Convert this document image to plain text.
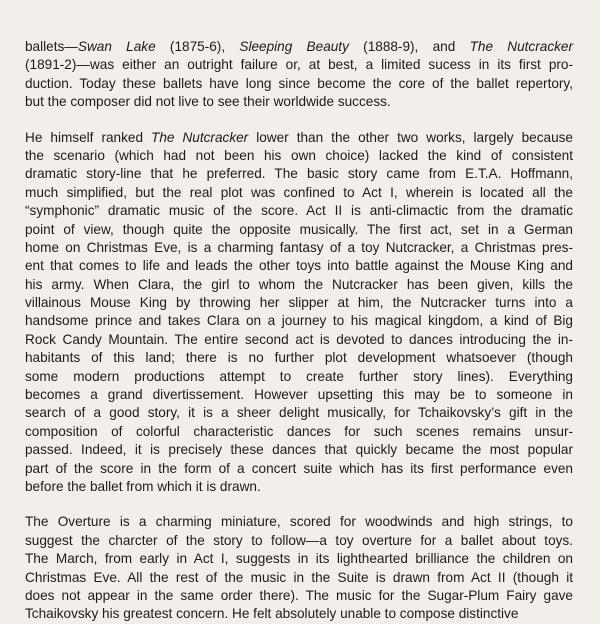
ballets—Swan Lake (1875-6), Sleeping Beauty (1888-9), and The Nutcracker
(1891-2)—was either an outright failure or, at best, a limited sucess in its first pro-
duction. Today these ballets have long since become the core of the ballet repertory,
but the composer did not live to see their worldwide success.
He himself ranked The Nutcracker lower than the other two works, largely because
the scenario (which had not been his own choice) lacked the kind of consistent
dramatic story-line that he preferred. The basic story came from E.T.A. Hoffmann,
much simplified, but the real plot was confined to Act I, wherein is located all the
“symphonic” dramatic music of the score. Act II is anti-climactic from the dramatic
point of view, though quite the opposite musically. The first act, set in a German
home on Christmas Eve, is a charming fantasy of a toy Nutcracker, a Christmas pres-
ent that comes to life and leads the other toys into battle against the Mouse King and
his army. When Clara, the girl to whom the Nutcracker has been given, kills the
villainous Mouse King by throwing her slipper at him, the Nutcracker turns into a
handsome prince and takes Clara on a journey to his magical kingdom, a kind of Big
Rock Candy Mountain. The entire second act is devoted to dances introducing the in-
habitants of this land; there is no further plot development whatsoever (though
some modern productions attempt to create further story lines). Everything
becomes a grand divertissement. However upsetting this may be to someone in
search of a good story, it is a sheer delight musically, for Tchaikovsky’s gift in the
composition of colorful characteristic dances for such scenes remains unsur-
passed. Indeed, it is precisely these dances that quickly became the most popular
part of the score in the form of a concert suite which has its first performance even
before the ballet from which it is drawn.
The Overture is a charming miniature, scored for woodwinds and high strings, to
suggest the charcter of the story to follow—a toy overture for a ballet about toys.
The March, from early in Act I, suggests in its lighthearted brilliance the children on
Christmas Eve. All the rest of the music in the Suite is drawn from Act II (though it
does not appear in the same order there). The music for the Sugar-Plum Fairy gave
Tchaikovsky his greatest concern. He felt absolutely unable to compose distinctive
